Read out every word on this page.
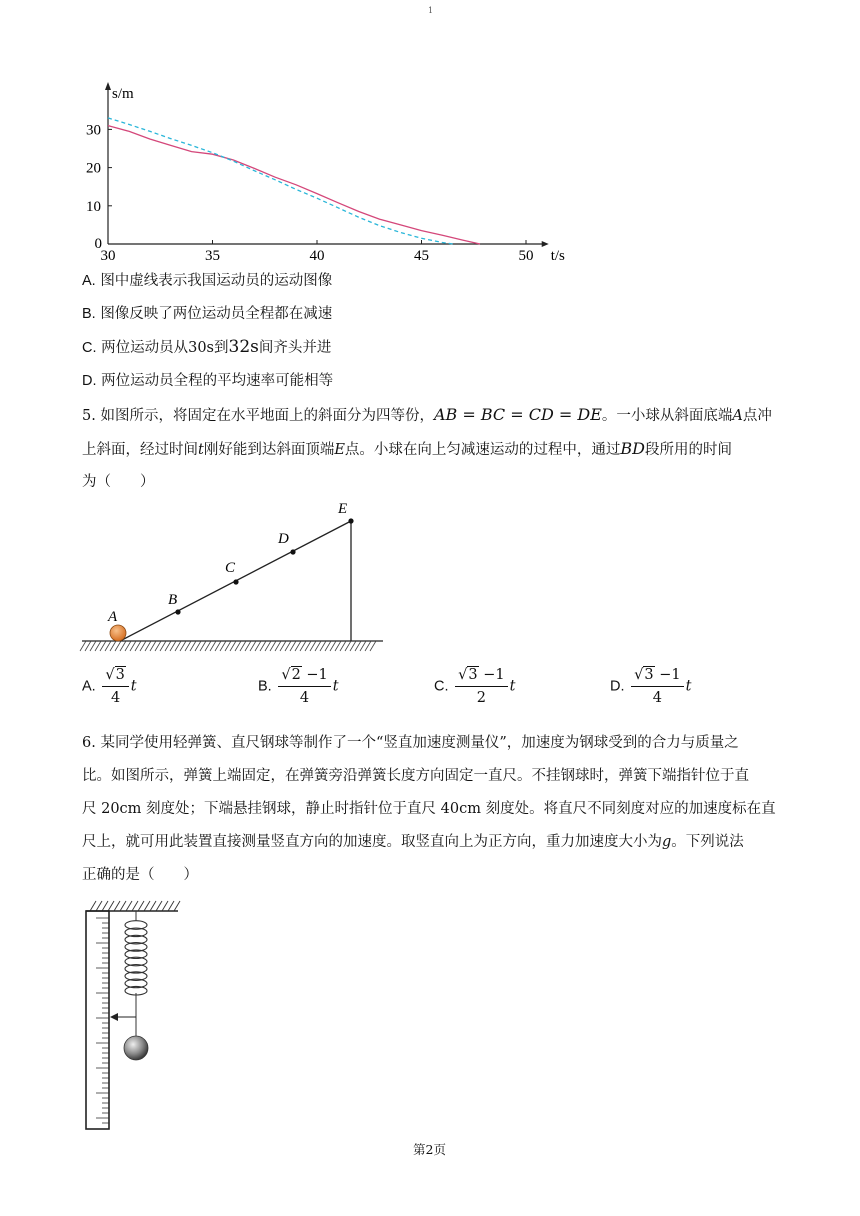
1
30	35	40	45	50
0
10
20
30
t/s
s/m
A. 图中虚线表示我国运动员的运动图像
B. 图像反映了两位运动员全程都在减速
C. 两位运动员从30s到32s间齐头并进
D. 两位运动员全程的平均速率可能相等
5. 如图所示，将固定在水平地面上的斜面分为四等份，AB = BC = CD = DE。一小球从斜面底端A点冲
上斜面，经过时间t刚好能到达斜面顶端E点。小球在向上匀减速运动的过程中，通过BD段所用的时间
为（　　）
A
B
C
D
E
A. $\frac{√3}{4}$ t	B. $\frac{√2 -1}{4}$ t	C. $\frac{√3 -1}{2}$ t	D. $\frac{√3 -1}{4}$ t
6. 某同学使用轻弹簧、直尺钢球等制作了一个“竖直加速度测量仪”，加速度为钢球受到的合力与质量之
比。如图所示，弹簧上端固定，在弹簧旁沿弹簧长度方向固定一直尺。不挂钢球时，弹簧下端指针位于直
尺 20cm 刻度处；下端悬挂钢球，静止时指针位于直尺 40cm 刻度处。将直尺不同刻度对应的加速度标在直
尺上，就可用此装置直接测量竖直方向的加速度。取竖直向上为正方向，重力加速度大小为g。下列说法
正确的是（　　）
第2页
